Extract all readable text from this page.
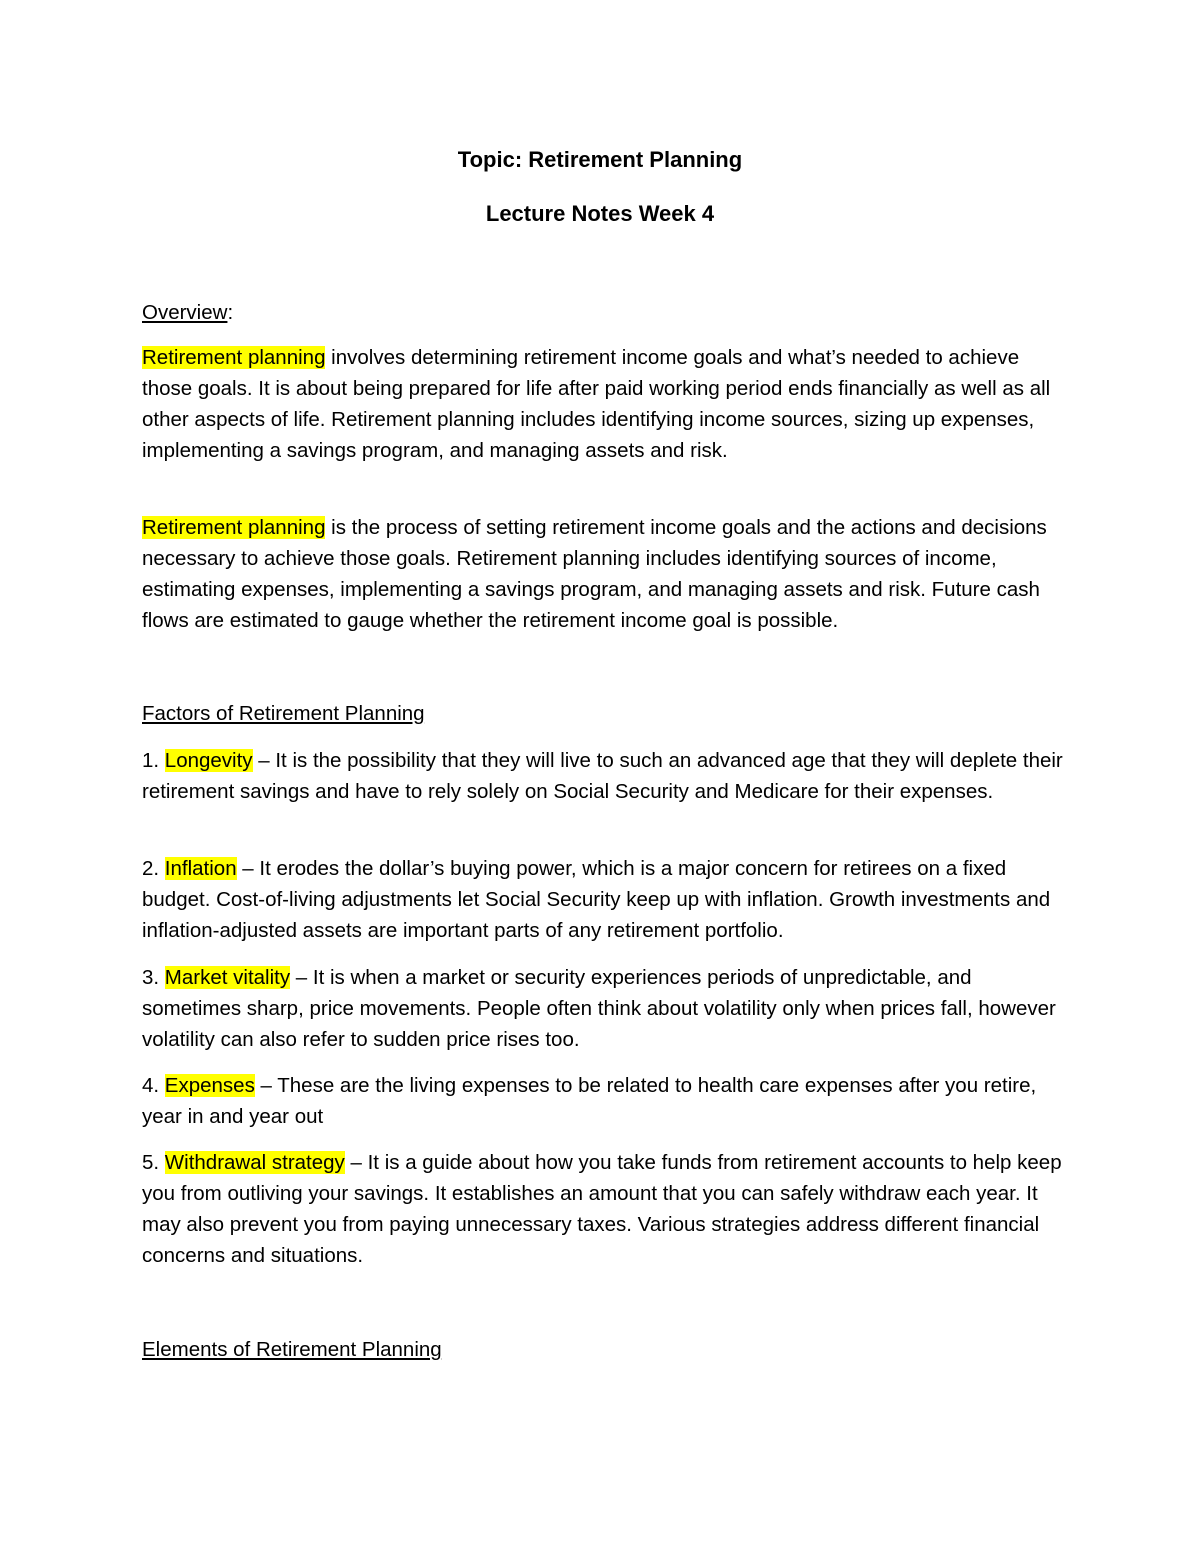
Topic: Retirement Planning
Lecture Notes Week 4

Overview:

Retirement planning involves determining retirement income goals and what’s needed to achieve those goals. It is about being prepared for life after paid working period ends financially as well as all other aspects of life. Retirement planning includes identifying income sources, sizing up expenses, implementing a savings program, and managing assets and risk.

Retirement planning is the process of setting retirement income goals and the actions and decisions necessary to achieve those goals. Retirement planning includes identifying sources of income, estimating expenses, implementing a savings program, and managing assets and risk. Future cash flows are estimated to gauge whether the retirement income goal is possible.

Factors of Retirement Planning

1. Longevity – It is the possibility that they will live to such an advanced age that they will deplete their retirement savings and have to rely solely on Social Security and Medicare for their expenses.

2. Inflation – It erodes the dollar’s buying power, which is a major concern for retirees on a fixed budget. Cost-of-living adjustments let Social Security keep up with inflation. Growth investments and inflation-adjusted assets are important parts of any retirement portfolio.

3. Market vitality – It is when a market or security experiences periods of unpredictable, and sometimes sharp, price movements. People often think about volatility only when prices fall, however volatility can also refer to sudden price rises too.

4. Expenses – These are the living expenses to be related to health care expenses after you retire, year in and year out

5. Withdrawal strategy – It is a guide about how you take funds from retirement accounts to help keep you from outliving your savings. It establishes an amount that you can safely withdraw each year. It may also prevent you from paying unnecessary taxes. Various strategies address different financial concerns and situations.

Elements of Retirement Planning
